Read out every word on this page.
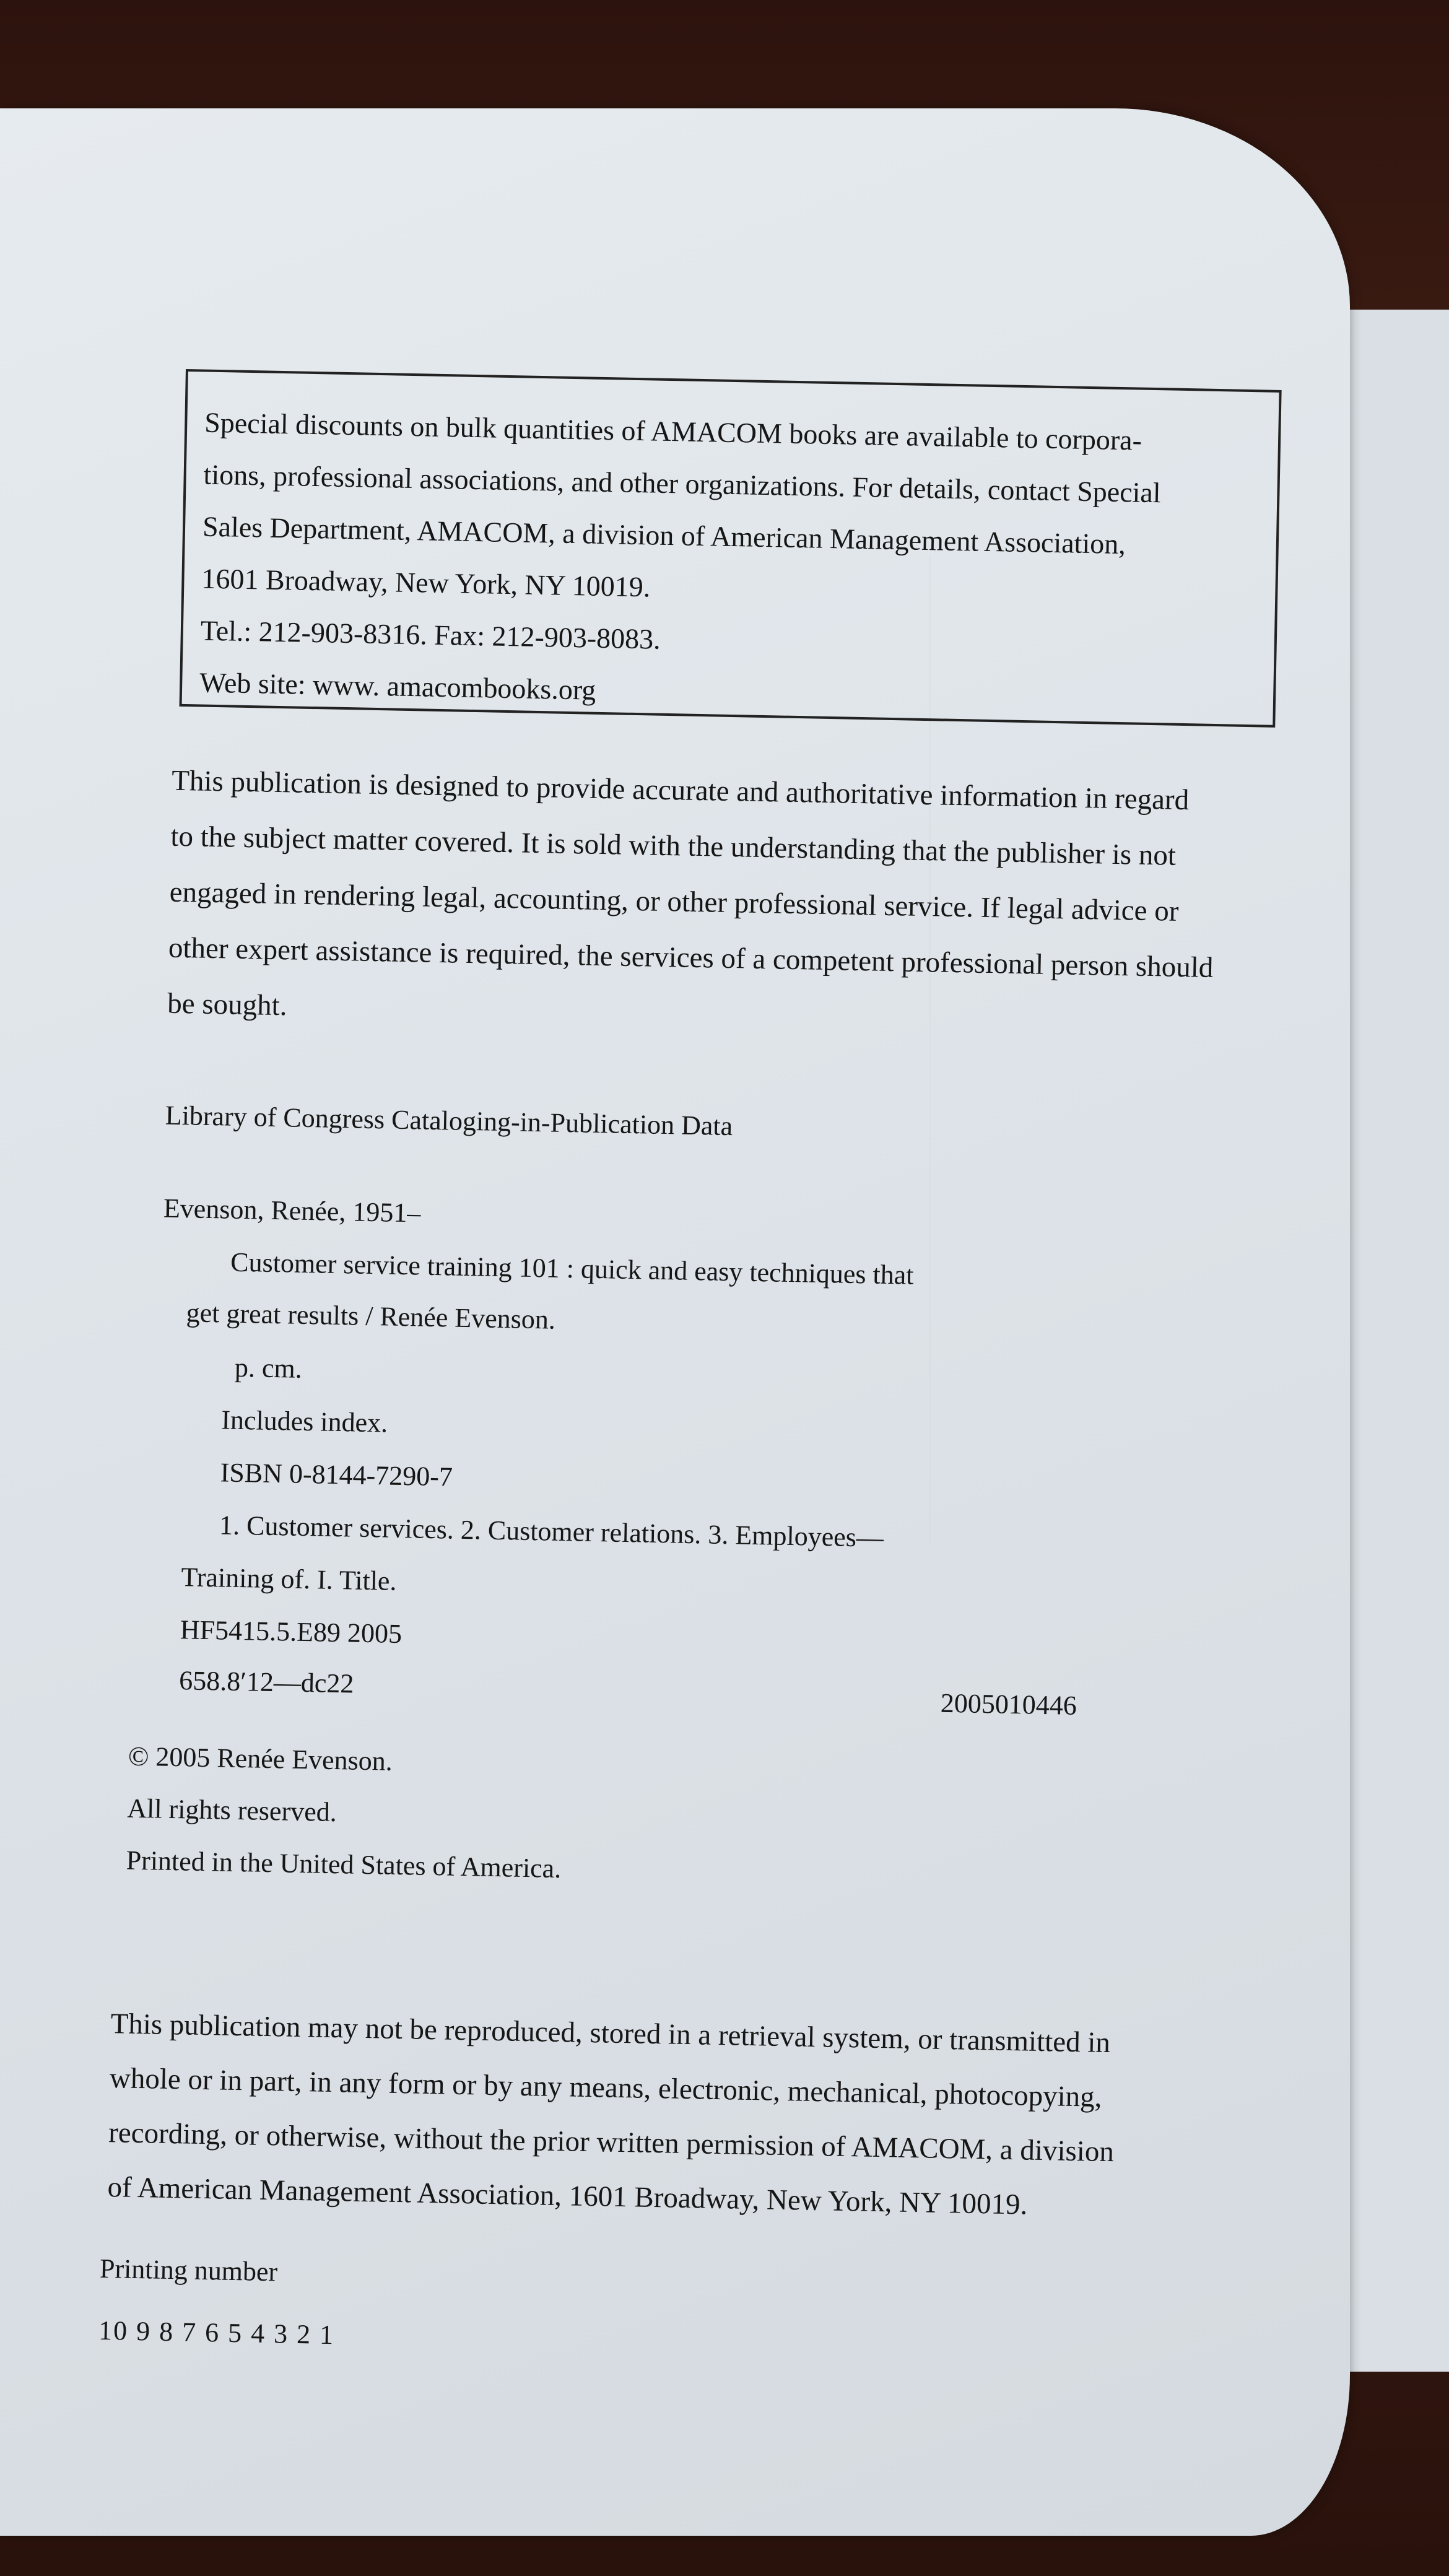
Special discounts on bulk quantities of AMACOM books are available to corpora-
tions, professional associations, and other organizations. For details, contact Special
Sales Department, AMACOM, a division of American Management Association,
1601 Broadway, New York, NY 10019.
Tel.: 212-903-8316. Fax: 212-903-8083.
Web site: www. amacombooks.org
This publication is designed to provide accurate and authoritative information in regard
to the subject matter covered. It is sold with the understanding that the publisher is not
engaged in rendering legal, accounting, or other professional service. If legal advice or
other expert assistance is required, the services of a competent professional person should
be sought.
Library of Congress Cataloging-in-Publication Data
Evenson, Renée, 1951–
Customer service training 101 : quick and easy techniques that
get great results / Renée Evenson.
p. cm.
Includes index.
ISBN 0-8144-7290-7
1. Customer services. 2. Customer relations. 3. Employees—
Training of. I. Title.
HF5415.5.E89 2005
658.8′12—dc22
2005010446
© 2005 Renée Evenson.
All rights reserved.
Printed in the United States of America.
This publication may not be reproduced, stored in a retrieval system, or transmitted in
whole or in part, in any form or by any means, electronic, mechanical, photocopying,
recording, or otherwise, without the prior written permission of AMACOM, a division
of American Management Association, 1601 Broadway, New York, NY 10019.
Printing number
10 9 8 7 6 5 4 3 2 1
